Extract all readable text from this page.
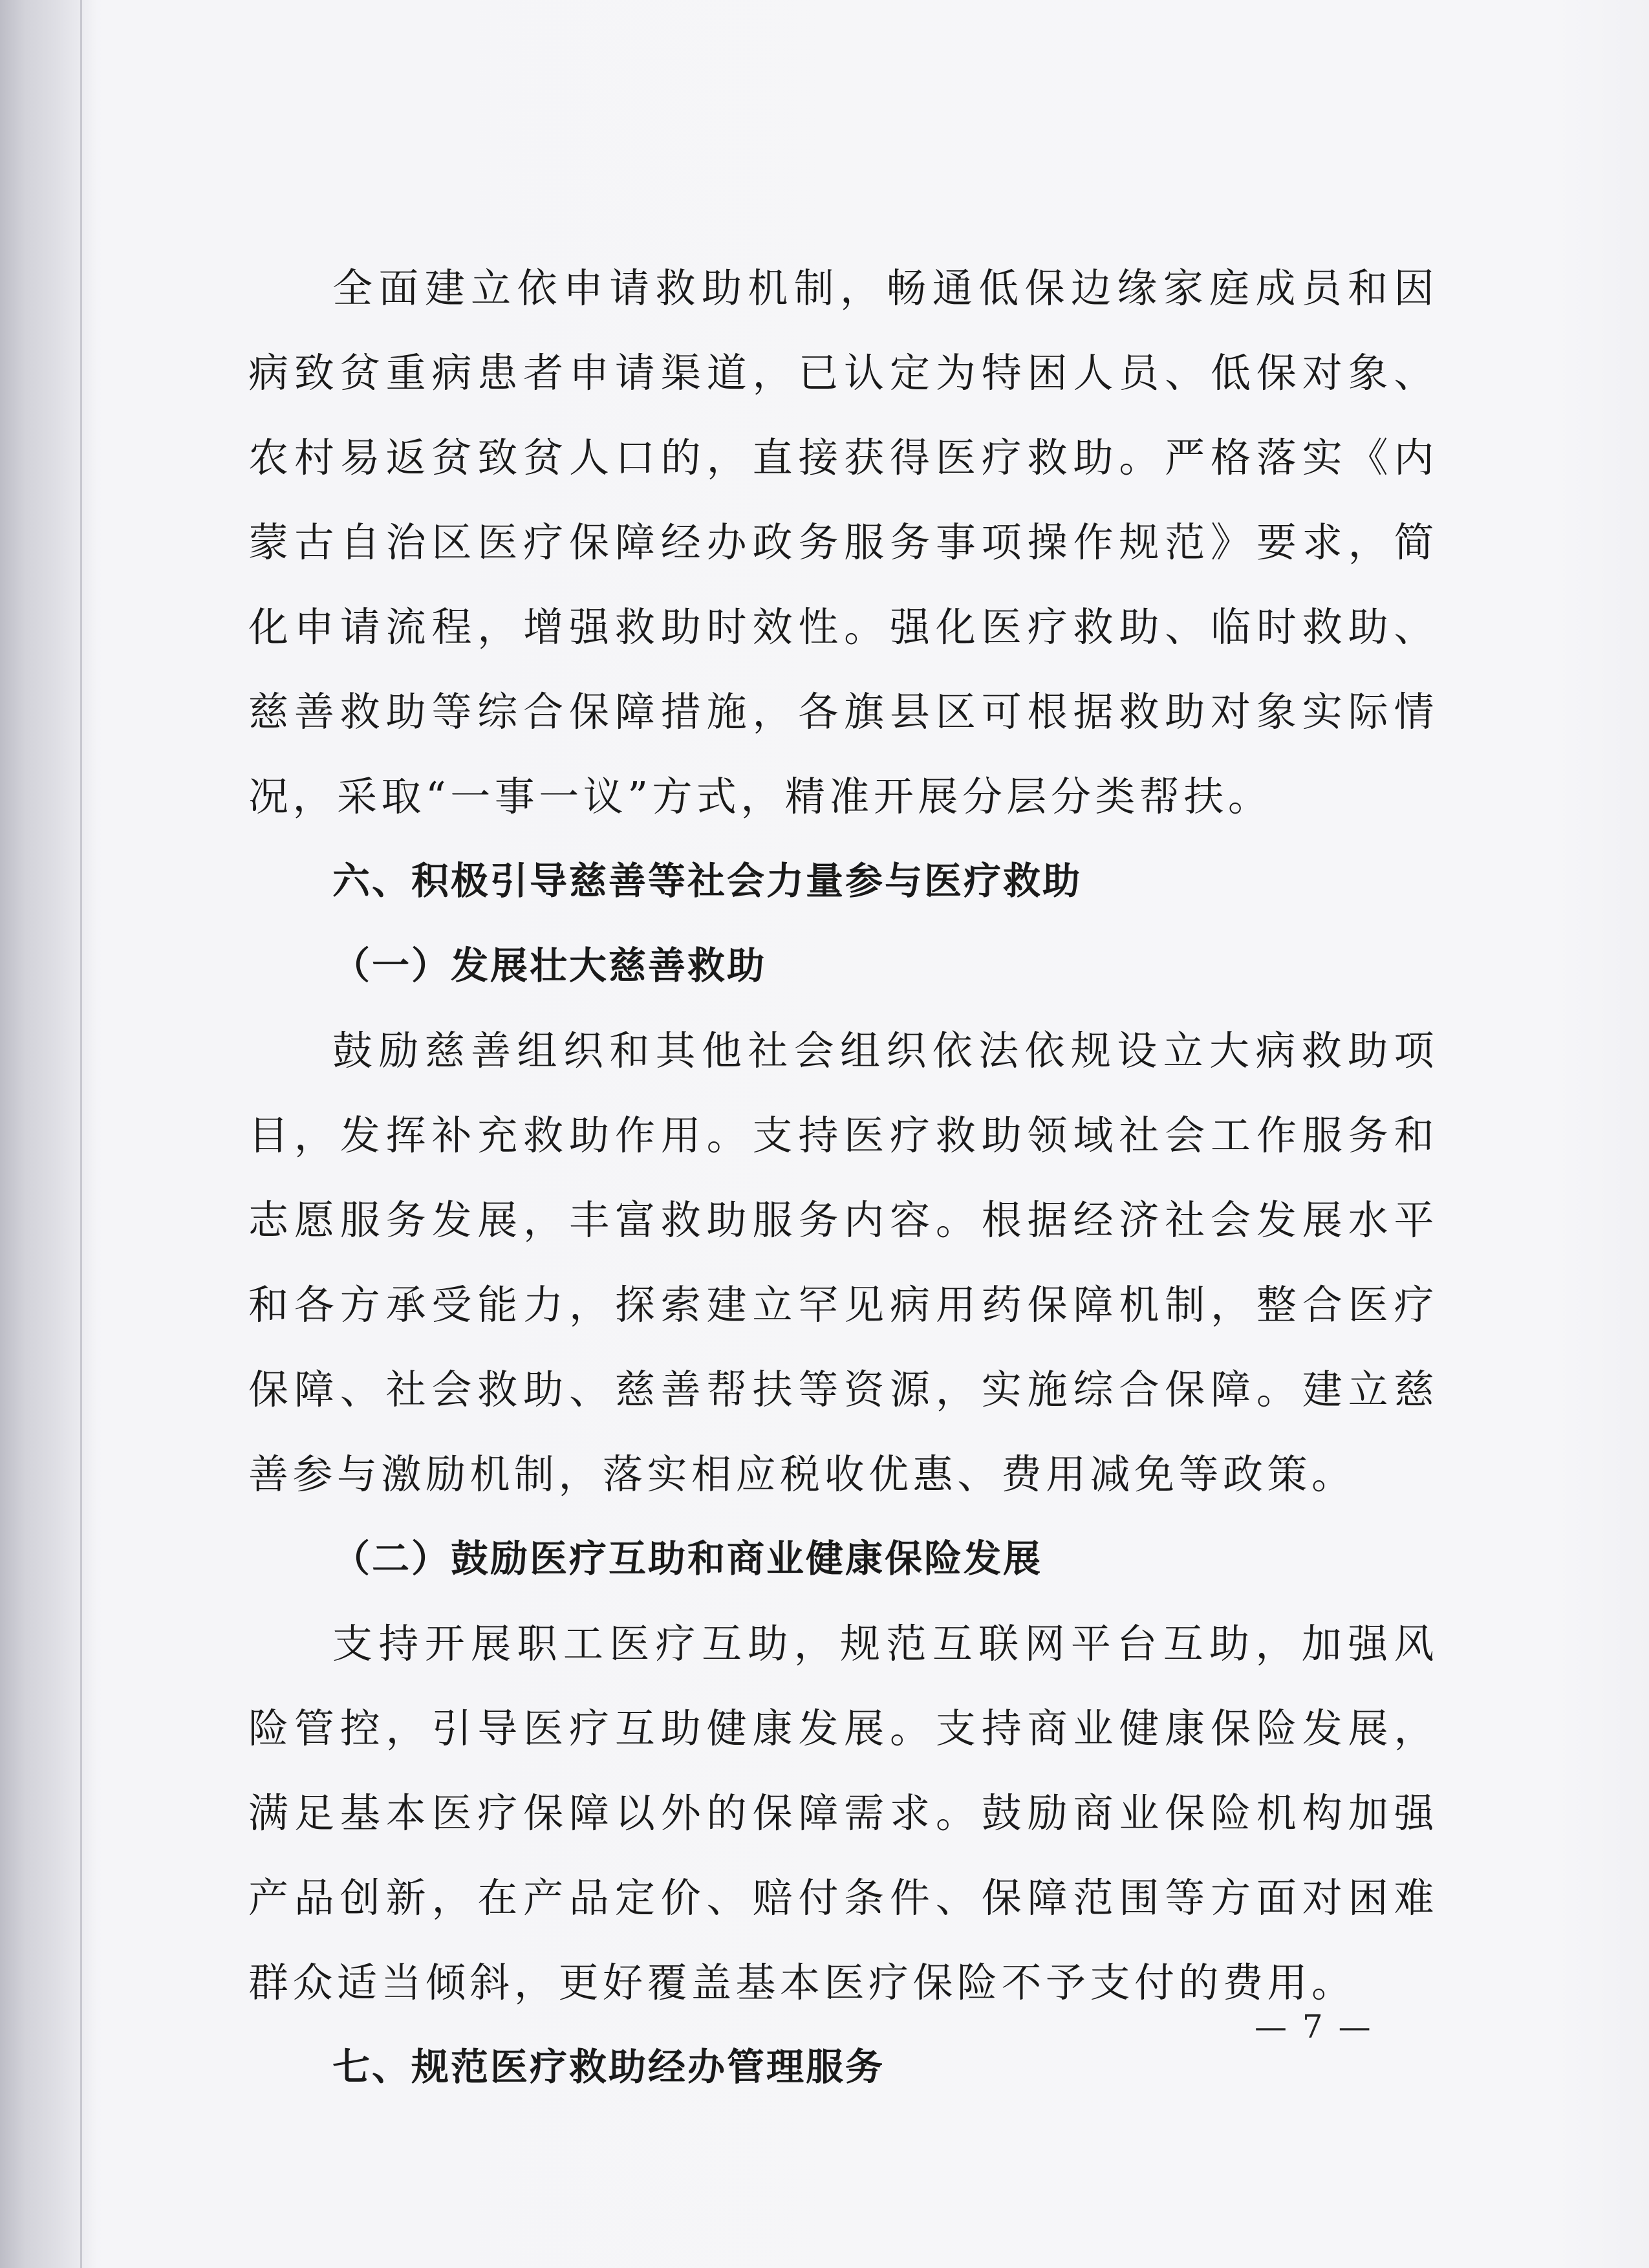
全面建立依申请救助机制，畅通低保边缘家庭成员和因病致贫重病患者申请渠道，已认定为特困人员、低保对象、农村易返贫致贫人口的，直接获得医疗救助。严格落实《内蒙古自治区医疗保障经办政务服务事项操作规范》要求，简化申请流程，增强救助时效性。强化医疗救助、临时救助、慈善救助等综合保障措施，各旗县区可根据救助对象实际情况，采取“一事一议”方式，精准开展分层分类帮扶。

六、积极引导慈善等社会力量参与医疗救助

（一）发展壮大慈善救助

鼓励慈善组织和其他社会组织依法依规设立大病救助项目，发挥补充救助作用。支持医疗救助领域社会工作服务和志愿服务发展，丰富救助服务内容。根据经济社会发展水平和各方承受能力，探索建立罕见病用药保障机制，整合医疗保障、社会救助、慈善帮扶等资源，实施综合保障。建立慈善参与激励机制，落实相应税收优惠、费用减免等政策。

（二）鼓励医疗互助和商业健康保险发展

支持开展职工医疗互助，规范互联网平台互助，加强风险管控，引导医疗互助健康发展。支持商业健康保险发展，满足基本医疗保障以外的保障需求。鼓励商业保险机构加强产品创新，在产品定价、赔付条件、保障范围等方面对困难群众适当倾斜，更好覆盖基本医疗保险不予支付的费用。

七、规范医疗救助经办管理服务

— 7 —
